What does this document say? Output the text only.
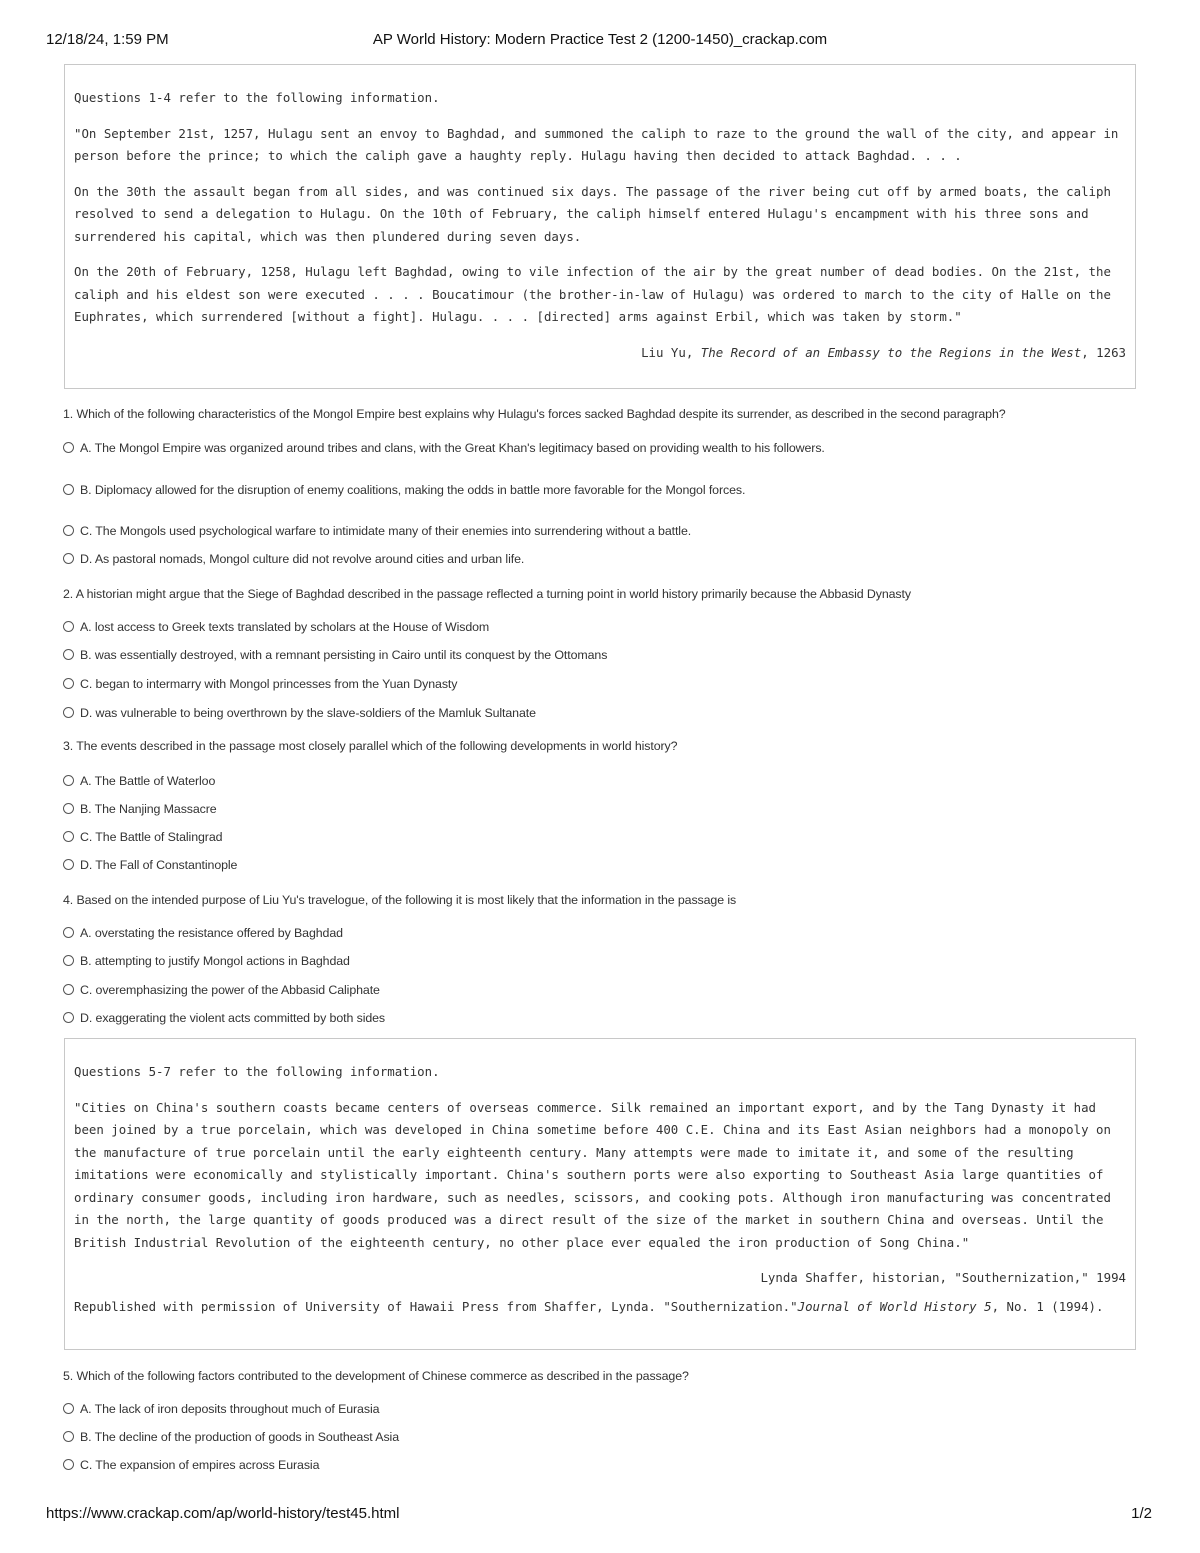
12/18/24, 1:59 PM	AP World History: Modern Practice Test 2 (1200-1450)_crackap.com

Questions 1-4 refer to the following information.

"On September 21st, 1257, Hulagu sent an envoy to Baghdad, and summoned the caliph to raze to the ground the wall of the city, and appear in person before the prince; to which the caliph gave a haughty reply. Hulagu having then decided to attack Baghdad. . . .

On the 30th the assault began from all sides, and was continued six days. The passage of the river being cut off by armed boats, the caliph resolved to send a delegation to Hulagu. On the 10th of February, the caliph himself entered Hulagu's encampment with his three sons and surrendered his capital, which was then plundered during seven days.

On the 20th of February, 1258, Hulagu left Baghdad, owing to vile infection of the air by the great number of dead bodies. On the 21st, the caliph and his eldest son were executed . . . . Boucatimour (the brother-in-law of Hulagu) was ordered to march to the city of Halle on the Euphrates, which surrendered [without a fight]. Hulagu. . . . [directed] arms against Erbil, which was taken by storm."

Liu Yu, The Record of an Embassy to the Regions in the West, 1263

1. Which of the following characteristics of the Mongol Empire best explains why Hulagu's forces sacked Baghdad despite its surrender, as described in the second paragraph?
A. The Mongol Empire was organized around tribes and clans, with the Great Khan's legitimacy based on providing wealth to his followers.
B. Diplomacy allowed for the disruption of enemy coalitions, making the odds in battle more favorable for the Mongol forces.
C. The Mongols used psychological warfare to intimidate many of their enemies into surrendering without a battle.
D. As pastoral nomads, Mongol culture did not revolve around cities and urban life.
2. A historian might argue that the Siege of Baghdad described in the passage reflected a turning point in world history primarily because the Abbasid Dynasty
A. lost access to Greek texts translated by scholars at the House of Wisdom
B. was essentially destroyed, with a remnant persisting in Cairo until its conquest by the Ottomans
C. began to intermarry with Mongol princesses from the Yuan Dynasty
D. was vulnerable to being overthrown by the slave-soldiers of the Mamluk Sultanate
3. The events described in the passage most closely parallel which of the following developments in world history?
A. The Battle of Waterloo
B. The Nanjing Massacre
C. The Battle of Stalingrad
D. The Fall of Constantinople
4. Based on the intended purpose of Liu Yu's travelogue, of the following it is most likely that the information in the passage is
A. overstating the resistance offered by Baghdad
B. attempting to justify Mongol actions in Baghdad
C. overemphasizing the power of the Abbasid Caliphate
D. exaggerating the violent acts committed by both sides

Questions 5-7 refer to the following information.

"Cities on China's southern coasts became centers of overseas commerce. Silk remained an important export, and by the Tang Dynasty it had been joined by a true porcelain, which was developed in China sometime before 400 C.E. China and its East Asian neighbors had a monopoly on the manufacture of true porcelain until the early eighteenth century. Many attempts were made to imitate it, and some of the resulting imitations were economically and stylistically important. China's southern ports were also exporting to Southeast Asia large quantities of ordinary consumer goods, including iron hardware, such as needles, scissors, and cooking pots. Although iron manufacturing was concentrated in the north, the large quantity of goods produced was a direct result of the size of the market in southern China and overseas. Until the British Industrial Revolution of the eighteenth century, no other place ever equaled the iron production of Song China."

Lynda Shaffer, historian, "Southernization," 1994

Republished with permission of University of Hawaii Press from Shaffer, Lynda. "Southernization."Journal of World History 5, No. 1 (1994).

5. Which of the following factors contributed to the development of Chinese commerce as described in the passage?
A. The lack of iron deposits throughout much of Eurasia
B. The decline of the production of goods in Southeast Asia
C. The expansion of empires across Eurasia
https://www.crackap.com/ap/world-history/test45.html	1/2
